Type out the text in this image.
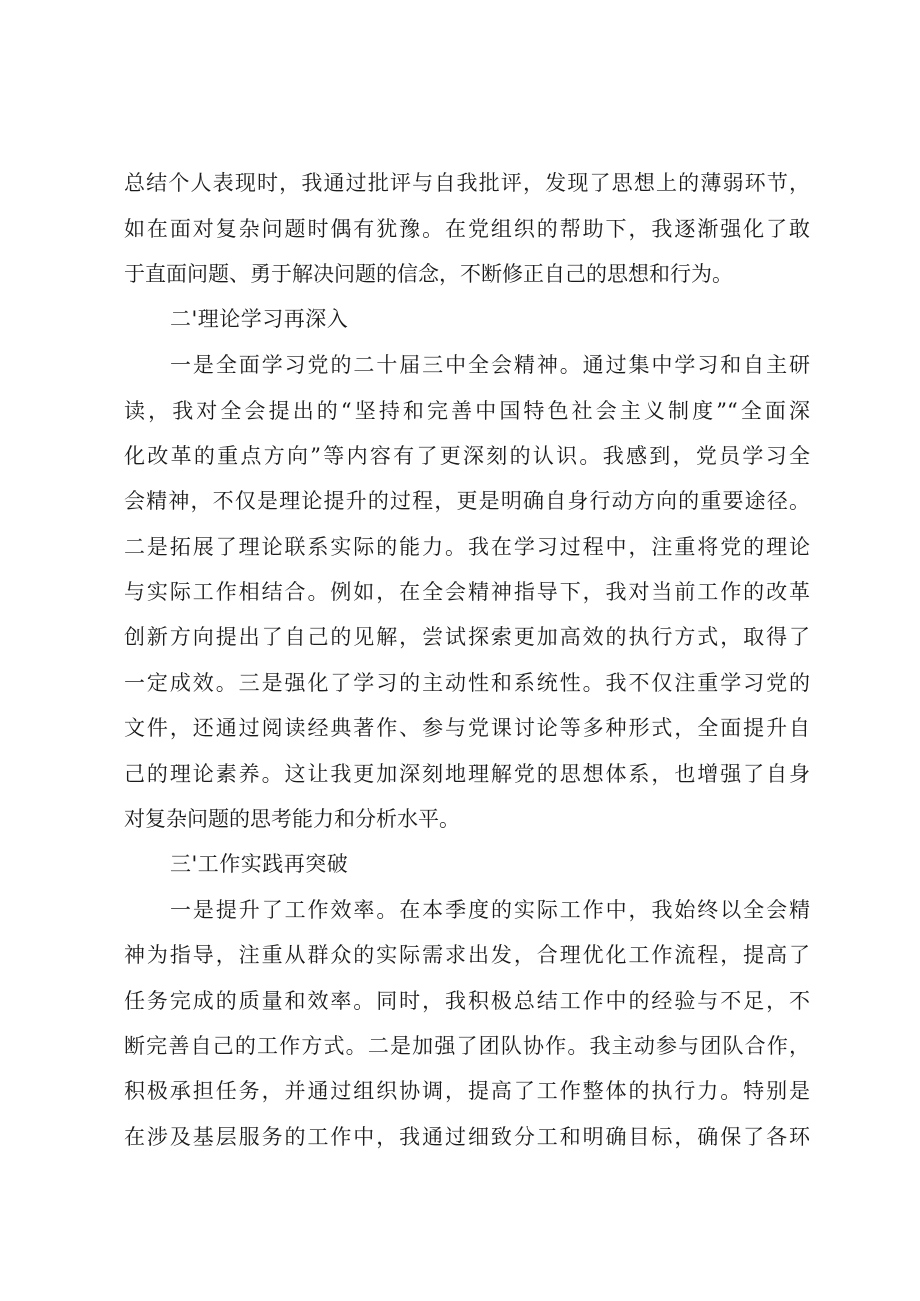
总结个人表现时，我通过批评与自我批评，发现了思想上的薄弱环节，
如在面对复杂问题时偶有犹豫。在党组织的帮助下，我逐渐强化了敢
于直面问题、勇于解决问题的信念，不断修正自己的思想和行为。
二'理论学习再深入
一是全面学习党的二十届三中全会精神。通过集中学习和自主研
读，我对全会提出的“坚持和完善中国特色社会主义制度”“全面深
化改革的重点方向”等内容有了更深刻的认识。我感到，党员学习全
会精神，不仅是理论提升的过程，更是明确自身行动方向的重要途径。
二是拓展了理论联系实际的能力。我在学习过程中，注重将党的理论
与实际工作相结合。例如，在全会精神指导下，我对当前工作的改革
创新方向提出了自己的见解，尝试探索更加高效的执行方式，取得了
一定成效。三是强化了学习的主动性和系统性。我不仅注重学习党的
文件，还通过阅读经典著作、参与党课讨论等多种形式，全面提升自
己的理论素养。这让我更加深刻地理解党的思想体系，也增强了自身
对复杂问题的思考能力和分析水平。
三'工作实践再突破
一是提升了工作效率。在本季度的实际工作中，我始终以全会精
神为指导，注重从群众的实际需求出发，合理优化工作流程，提高了
任务完成的质量和效率。同时，我积极总结工作中的经验与不足，不
断完善自己的工作方式。二是加强了团队协作。我主动参与团队合作，
积极承担任务，并通过组织协调，提高了工作整体的执行力。特别是
在涉及基层服务的工作中，我通过细致分工和明确目标，确保了各环
